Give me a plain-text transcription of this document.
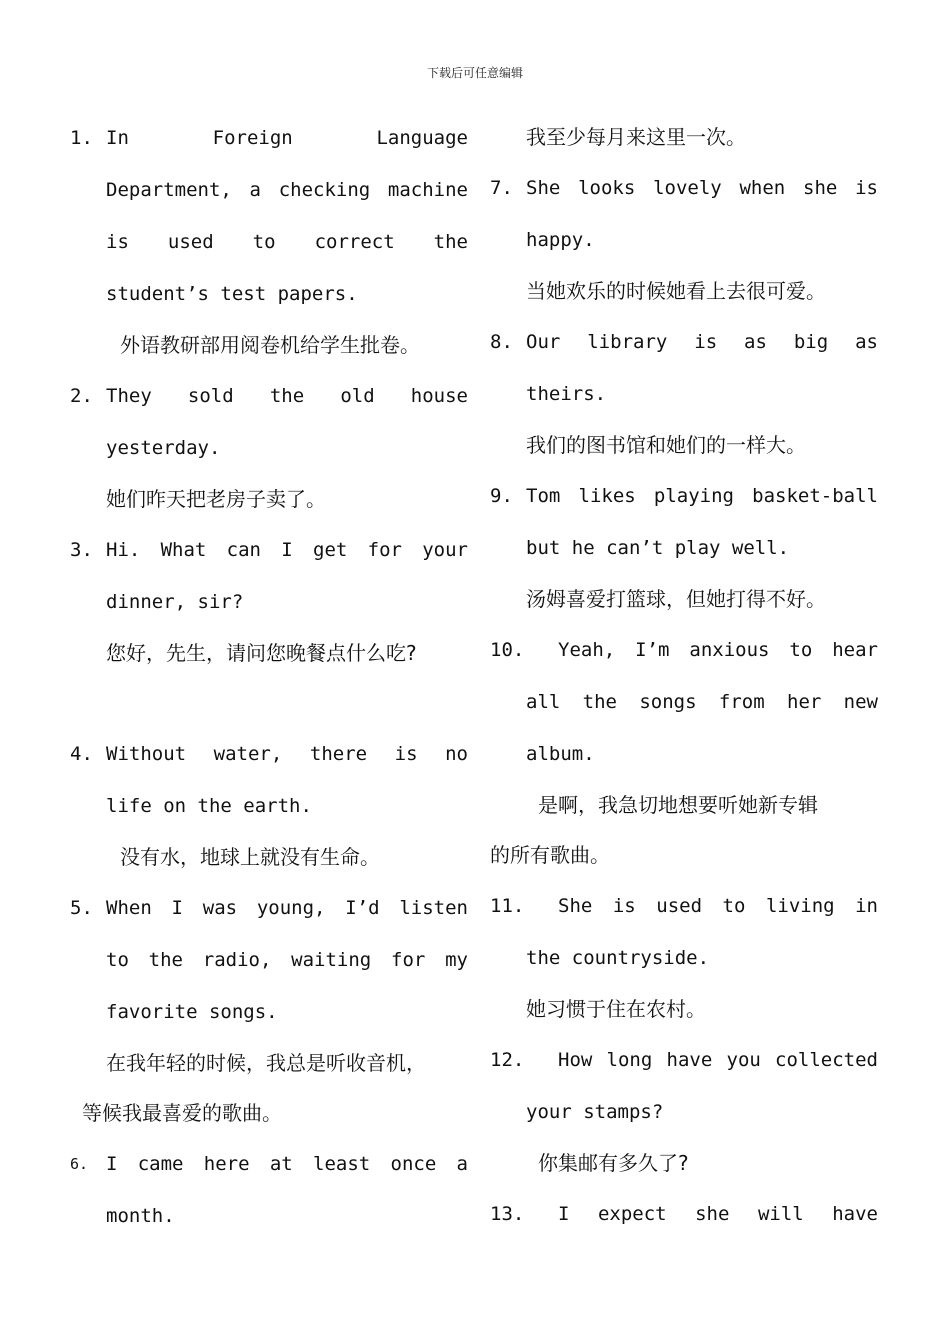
下载后可任意编辑
1. In Foreign Language
Department, a checking machine
is used to correct the
student’s test papers.
外语教研部用阅卷机给学生批卷。
2. They sold the old house
yesterday.
她们昨天把老房子卖了。
3. Hi. What can I get for your
dinner, sir?
您好，先生，请问您晚餐点什么吃?
4. Without water, there is no
life on the earth.
没有水，地球上就没有生命。
5. When I was young, I’d listen
to the radio, waiting for my
favorite songs.
在我年轻的时候，我总是听收音机，
等候我最喜爱的歌曲。
6. I came here at least once a
month.
我至少每月来这里一次。
7. She looks lovely when she is
happy.
当她欢乐的时候她看上去很可爱。
8. Our library is as big as
theirs.
我们的图书馆和她们的一样大。
9. Tom likes playing basket-ball
but he can’t play well.
汤姆喜爱打篮球，但她打得不好。
10.	Yeah, I’m anxious to hear
all the songs from her new
album.
是啊，我急切地想要听她新专辑
的所有歌曲。
11.	She is used to living in
the countryside.
她习惯于住在农村。
12.	How long have you collected
your stamps?
你集邮有多久了?
13.	I expect she will have
